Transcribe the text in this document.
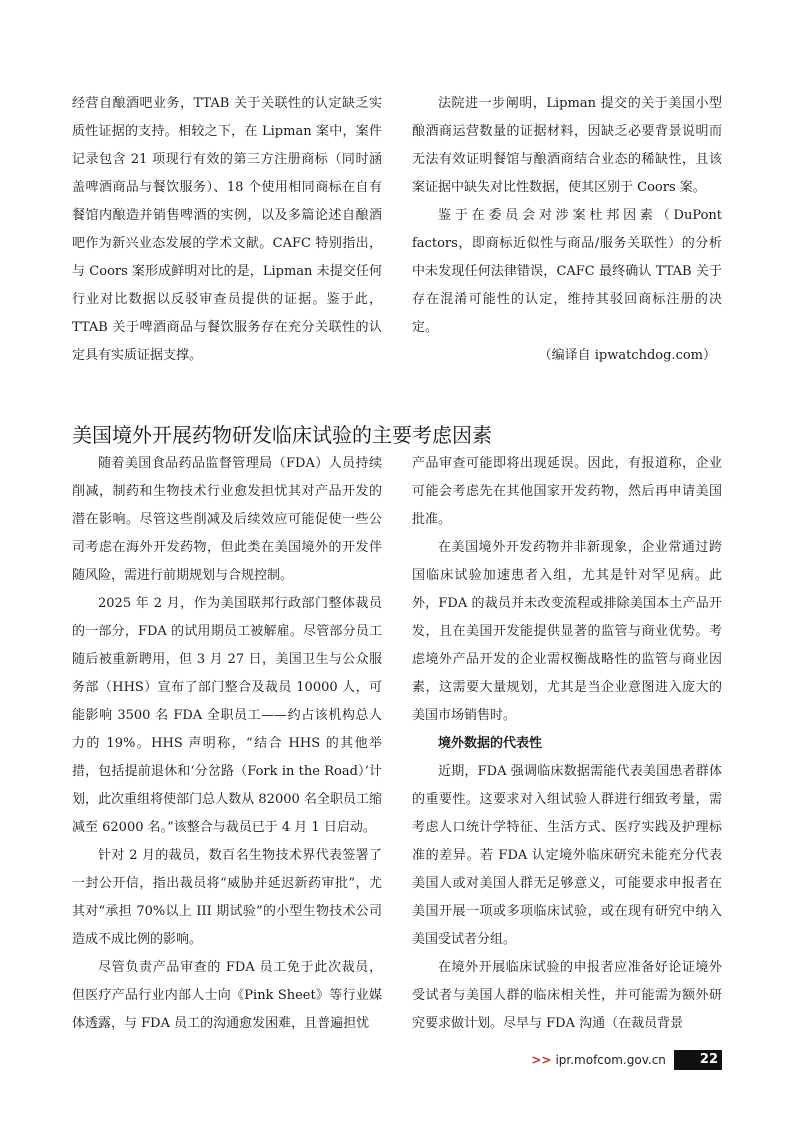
经营自酿酒吧业务，TTAB 关于关联性的认定缺乏实质性证据的支持。相较之下，在 Lipman 案中，案件记录包含 21 项现行有效的第三方注册商标（同时涵盖啤酒商品与餐饮服务）、18 个使用相同商标在自有餐馆内酿造并销售啤酒的实例，以及多篇论述自酿酒吧作为新兴业态发展的学术文献。CAFC 特别指出，与 Coors 案形成鲜明对比的是，Lipman 未提交任何行业对比数据以反驳审查员提供的证据。鉴于此，TTAB 关于啤酒商品与餐饮服务存在充分关联性的认定具有实质证据支撑。

法院进一步阐明，Lipman 提交的关于美国小型酿酒商运营数量的证据材料，因缺乏必要背景说明而无法有效证明餐馆与酿酒商结合业态的稀缺性，且该案证据中缺失对比性数据，使其区别于 Coors 案。

鉴于在委员会对涉案杜邦因素（DuPont factors，即商标近似性与商品/服务关联性）的分析中未发现任何法律错误，CAFC 最终确认 TTAB 关于存在混淆可能性的认定，维持其驳回商标注册的决定。

（编译自 ipwatchdog.com）

美国境外开展药物研发临床试验的主要考虑因素

随着美国食品药品监督管理局（FDA）人员持续削减，制药和生物技术行业愈发担忧其对产品开发的潜在影响。尽管这些削减及后续效应可能促使一些公司考虑在海外开发药物，但此类在美国境外的开发伴随风险，需进行前期规划与合规控制。

2025 年 2 月，作为美国联邦行政部门整体裁员的一部分，FDA 的试用期员工被解雇。尽管部分员工随后被重新聘用，但 3 月 27 日，美国卫生与公众服务部（HHS）宣布了部门整合及裁员 10000 人，可能影响 3500 名 FDA 全职员工——约占该机构总人力的 19%。HHS 声明称，“结合 HHS 的其他举措，包括提前退休和‘分岔路（Fork in the Road）’计划，此次重组将使部门总人数从 82000 名全职员工缩减至 62000 名。”该整合与裁员已于 4 月 1 日启动。

针对 2 月的裁员，数百名生物技术界代表签署了一封公开信，指出裁员将“威胁并延迟新药审批”，尤其对“承担 70%以上 III 期试验”的小型生物技术公司造成不成比例的影响。

尽管负责产品审查的 FDA 员工免于此次裁员，但医疗产品行业内部人士向《Pink Sheet》等行业媒体透露，与 FDA 员工的沟通愈发困难，且普遍担忧

产品审查可能即将出现延误。因此，有报道称，企业可能会考虑先在其他国家开发药物，然后再申请美国批准。

在美国境外开发药物并非新现象，企业常通过跨国临床试验加速患者入组，尤其是针对罕见病。此外，FDA 的裁员并未改变流程或排除美国本土产品开发，且在美国开发能提供显著的监管与商业优势。考虑境外产品开发的企业需权衡战略性的监管与商业因素，这需要大量规划，尤其是当企业意图进入庞大的美国市场销售时。

境外数据的代表性

近期，FDA 强调临床数据需能代表美国患者群体的重要性。这要求对入组试验人群进行细致考量，需考虑人口统计学特征、生活方式、医疗实践及护理标准的差异。若 FDA 认定境外临床研究未能充分代表美国人或对美国人群无足够意义，可能要求申报者在美国开展一项或多项临床试验，或在现有研究中纳入美国受试者分组。

在境外开展临床试验的申报者应准备好论证境外受试者与美国人群的临床相关性，并可能需为额外研究要求做计划。尽早与 FDA 沟通（在裁员背景

>> ipr.mofcom.gov.cn	22
